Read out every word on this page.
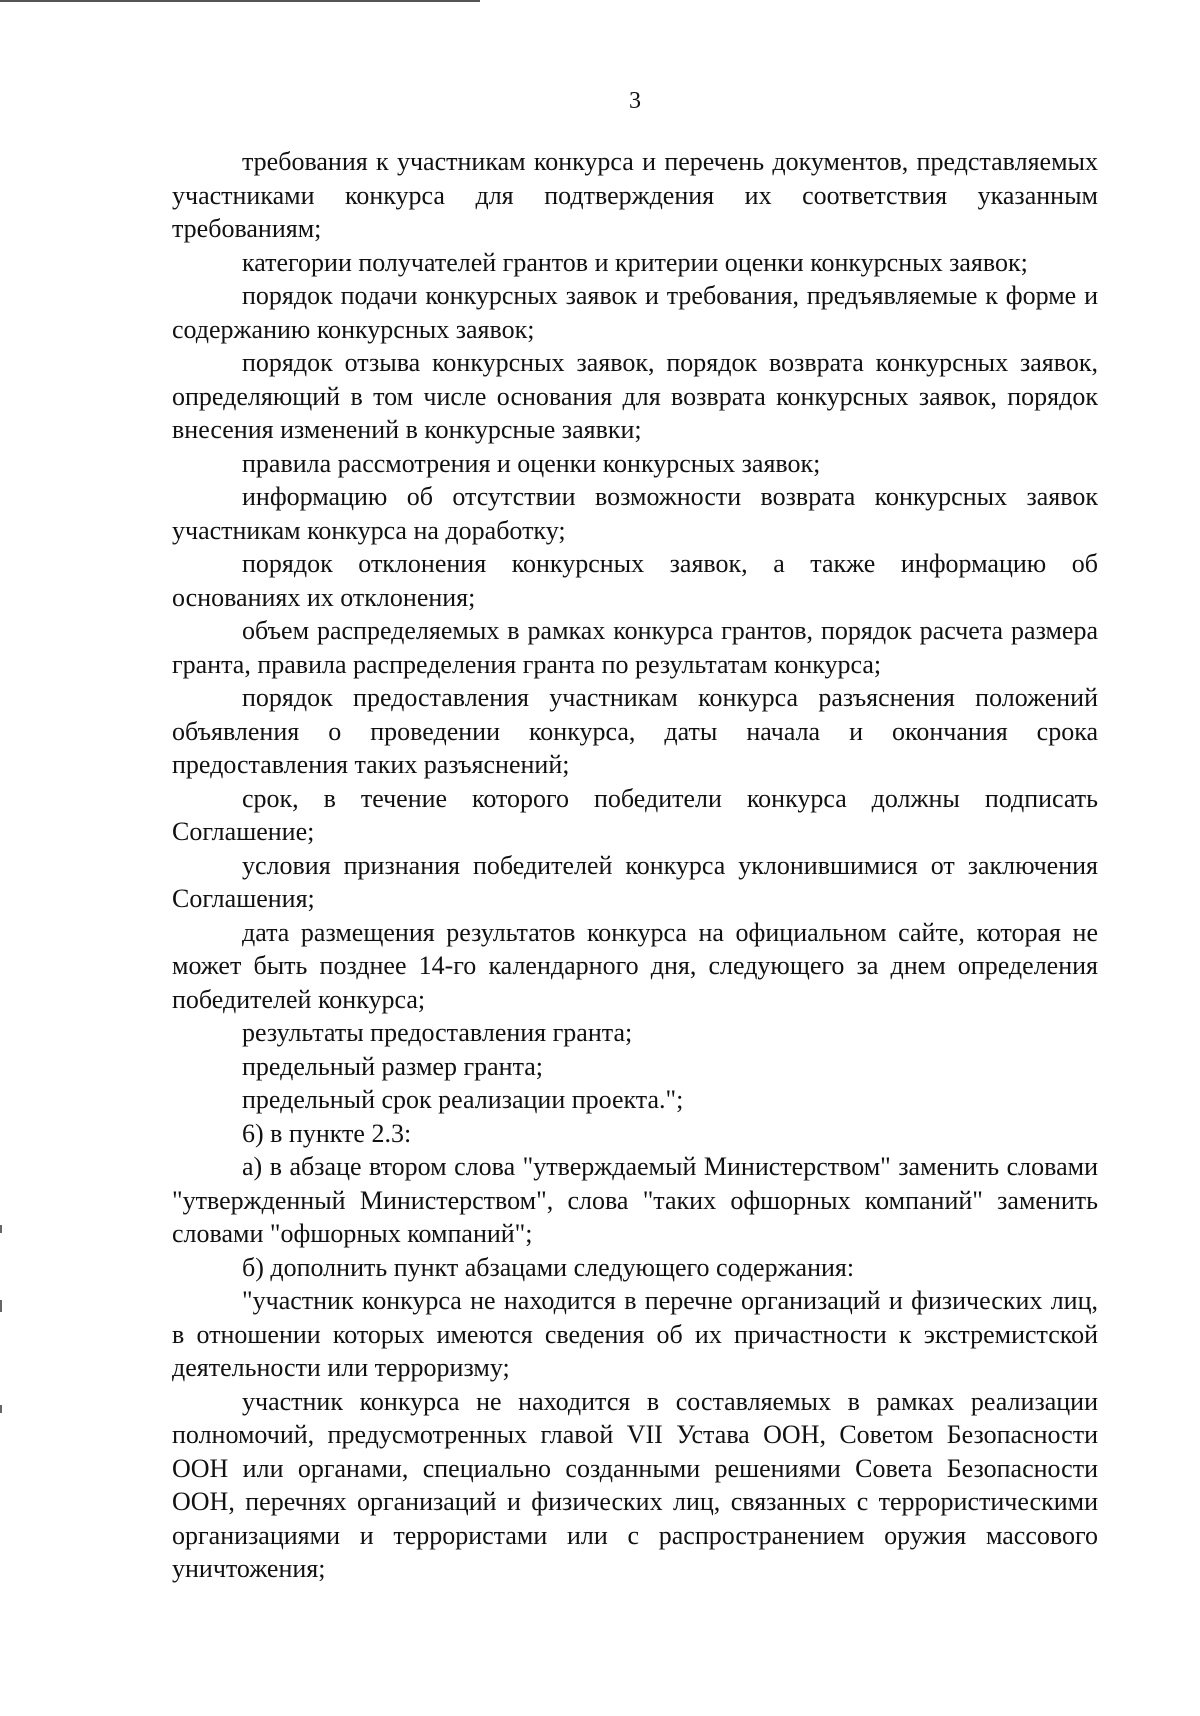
3

требования к участникам конкурса и перечень документов, представляемых участниками конкурса для подтверждения их соответствия указанным требованиям;

категории получателей грантов и критерии оценки конкурсных заявок;

порядок подачи конкурсных заявок и требования, предъявляемые к форме и содержанию конкурсных заявок;

порядок отзыва конкурсных заявок, порядок возврата конкурсных заявок, определяющий в том числе основания для возврата конкурсных заявок, порядок внесения изменений в конкурсные заявки;

правила рассмотрения и оценки конкурсных заявок;

информацию об отсутствии возможности возврата конкурсных заявок участникам конкурса на доработку;

порядок отклонения конкурсных заявок, а также информацию об основаниях их отклонения;

объем распределяемых в рамках конкурса грантов, порядок расчета размера гранта, правила распределения гранта по результатам конкурса;

порядок предоставления участникам конкурса разъяснения положений объявления о проведении конкурса, даты начала и окончания срока предоставления таких разъяснений;

срок, в течение которого победители конкурса должны подписать Соглашение;

условия признания победителей конкурса уклонившимися от заключения Соглашения;

дата размещения результатов конкурса на официальном сайте, которая не может быть позднее 14-го календарного дня, следующего за днем определения победителей конкурса;

результаты предоставления гранта;

предельный размер гранта;

предельный срок реализации проекта.";

6) в пункте 2.3:

а) в абзаце втором слова "утверждаемый Министерством" заменить словами "утвержденный Министерством", слова "таких офшорных компаний" заменить словами "офшорных компаний";

б) дополнить пункт абзацами следующего содержания:

"участник конкурса не находится в перечне организаций и физических лиц, в отношении которых имеются сведения об их причастности к экстремистской деятельности или терроризму;

участник конкурса не находится в составляемых в рамках реализации полномочий, предусмотренных главой VII Устава ООН, Советом Безопасности ООН или органами, специально созданными решениями Совета Безопасности ООН, перечнях организаций и физических лиц, связанных с террористическими организациями и террористами или с распространением оружия массового уничтожения;
